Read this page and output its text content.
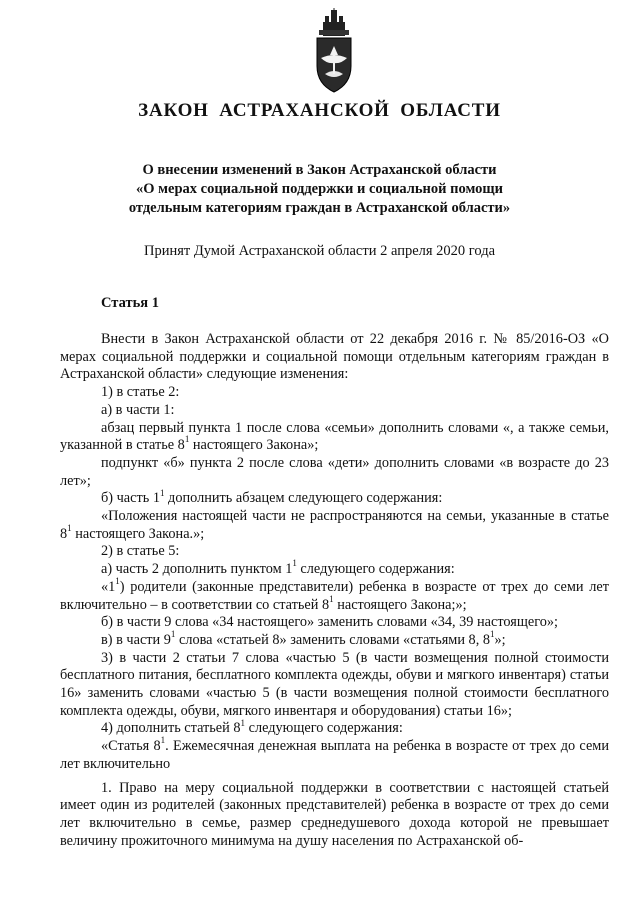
ЗАКОН АСТРАХАНСКОЙ ОБЛАСТИ
О внесении изменений в Закон Астраханской области
«О мерах социальной поддержки и социальной помощи
отдельным категориям граждан в Астраханской области»
Принят Думой Астраханской области 2 апреля 2020 года
Статья 1

Внести в Закон Астраханской области от 22 декабря 2016 г. № 85/2016-ОЗ «О мерах социальной поддержки и социальной помощи отдельным категориям граждан в Астраханской области» следующие изменения:

1) в статье 2:

а) в части 1:

абзац первый пункта 1 после слова «семьи» дополнить словами «, а также семьи, указанной в статье $8^1$ настоящего Закона»;

подпункт «б» пункта 2 после слова «дети» дополнить словами «в возрасте до 23 лет»;

б) часть $1^1$ дополнить абзацем следующего содержания:

«Положения настоящей части не распространяются на семьи, указанные в статье $8^1$ настоящего Закона.»;

2) в статье 5:

а) часть 2 дополнить пунктом $1^1$ следующего содержания:

«$1^1$) родители (законные представители) ребенка в возрасте от трех до семи лет включительно – в соответствии со статьей $8^1$ настоящего Закона;»;

б) в части 9 слова «34 настоящего» заменить словами «34, 39 настоящего»;

в) в части $9^1$ слова «статьей 8» заменить словами «статьями 8, $8^1$»;

3) в части 2 статьи 7 слова «частью 5 (в части возмещения полной стоимости бесплатного питания, бесплатного комплекта одежды, обуви и мягкого инвентаря) статьи 16» заменить словами «частью 5 (в части возмещения полной стоимости бесплатного комплекта одежды, обуви, мягкого инвентаря и оборудования) статьи 16»;

4) дополнить статьей $8^1$ следующего содержания:

«Статья $8^1$. Ежемесячная денежная выплата на ребенка в возрасте от трех до семи лет включительно

1. Право на меру социальной поддержки в соответствии с настоящей статьей имеет один из родителей (законных представителей) ребенка в возрасте от трех до семи лет включительно в семье, размер среднедушевого дохода которой не превышает величину прожиточного минимума на душу населения по Астраханской об-
